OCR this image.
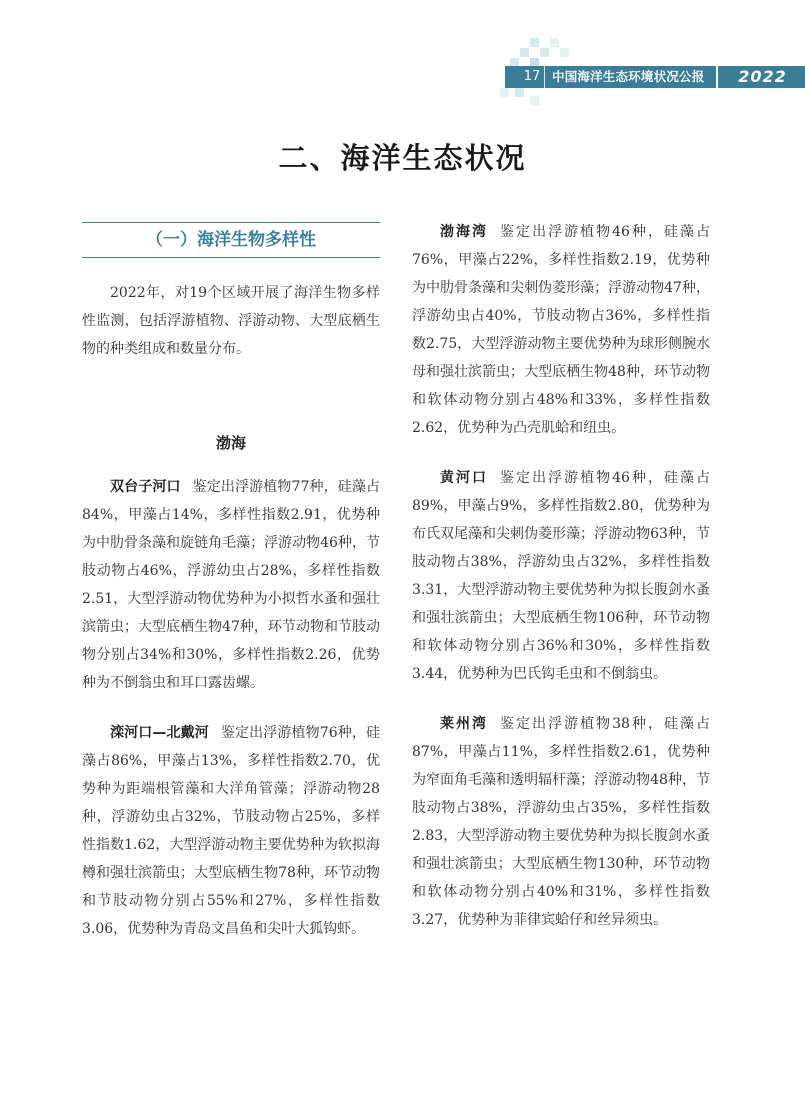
17 中国海洋生态环境状况公报	2022
二、海洋生态状况
（一）海洋生物多样性

2022年，对19个区域开展了海洋生物多样性监测，包括浮游植物、浮游动物、大型底栖生物的种类组成和数量分布。

渤海

双台子河口 鉴定出浮游植物77种，硅藻占84%，甲藻占14%，多样性指数2.91，优势种为中肋骨条藻和旋链角毛藻；浮游动物46种，节肢动物占46%，浮游幼虫占28%，多样性指数2.51，大型浮游动物优势种为小拟哲水蚤和强壮滨箭虫；大型底栖生物47种，环节动物和节肢动物分别占34%和30%，多样性指数2.26，优势种为不倒翁虫和耳口露齿螺。

滦河口—北戴河 鉴定出浮游植物76种，硅藻占86%，甲藻占13%，多样性指数2.70，优势种为距端根管藻和大洋角管藻；浮游动物28种，浮游幼虫占32%，节肢动物占25%，多样性指数1.62，大型浮游动物主要优势种为软拟海樽和强壮滨箭虫；大型底栖生物78种，环节动物和节肢动物分别占55%和27%，多样性指数3.06，优势种为青岛文昌鱼和尖叶大狐钩虾。

渤海湾 鉴定出浮游植物46种，硅藻占76%，甲藻占22%，多样性指数2.19，优势种为中肋骨条藻和尖刺伪菱形藻；浮游动物47种，浮游幼虫占40%，节肢动物占36%，多样性指数2.75，大型浮游动物主要优势种为球形侧腕水母和强壮滨箭虫；大型底栖生物48种，环节动物和软体动物分别占48%和33%，多样性指数2.62，优势种为凸壳肌蛤和纽虫。

黄河口 鉴定出浮游植物46种，硅藻占89%，甲藻占9%，多样性指数2.80，优势种为布氏双尾藻和尖刺伪菱形藻；浮游动物63种，节肢动物占38%，浮游幼虫占32%，多样性指数3.31，大型浮游动物主要优势种为拟长腹剑水蚤和强壮滨箭虫；大型底栖生物106种，环节动物和软体动物分别占36%和30%，多样性指数3.44，优势种为巴氏钩毛虫和不倒翁虫。

莱州湾 鉴定出浮游植物38种，硅藻占87%，甲藻占11%，多样性指数2.61，优势种为窄面角毛藻和透明辐杆藻；浮游动物48种，节肢动物占38%，浮游幼虫占35%，多样性指数2.83，大型浮游动物主要优势种为拟长腹剑水蚤和强壮滨箭虫；大型底栖生物130种，环节动物和软体动物分别占40%和31%，多样性指数3.27，优势种为菲律宾蛤仔和丝异须虫。
